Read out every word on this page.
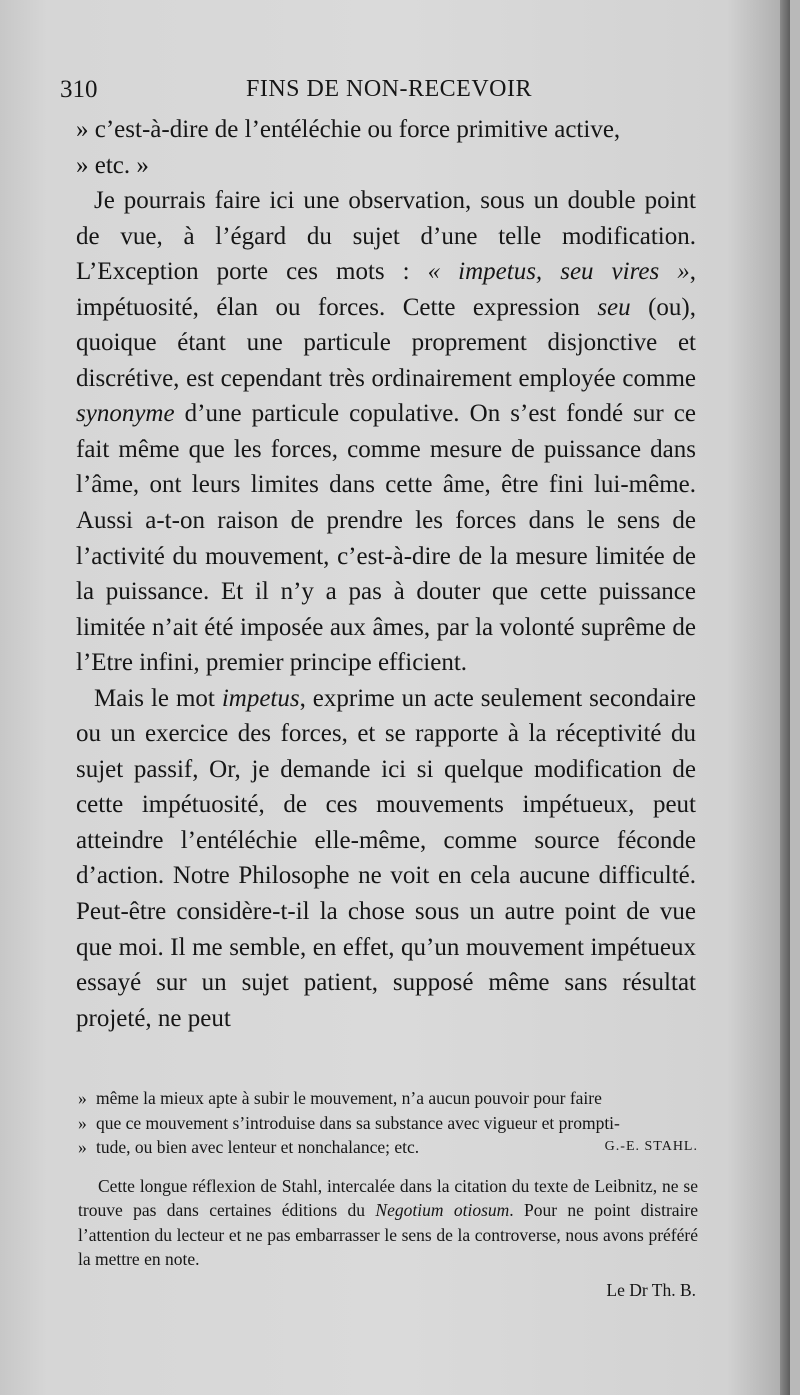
310	FINS DE NON-RECEVOIR

» c’est-à-dire de l’entéléchie ou force primitive active,
» etc. »

Je pourrais faire ici une observation, sous un double point de vue, à l’égard du sujet d’une telle modification. L’Exception porte ces mots : « impetus, seu vires », impétuosité, élan ou forces. Cette expression seu (ou), quoique étant une particule proprement disjonctive et discrétive, est cependant très ordinairement employée comme synonyme d’une particule copulative. On s’est fondé sur ce fait même que les forces, comme mesure de puissance dans l’âme, ont leurs limites dans cette âme, être fini lui-même. Aussi a-t-on raison de prendre les forces dans le sens de l’activité du mouvement, c’est-à-dire de la mesure limitée de la puissance. Et il n’y a pas à douter que cette puissance limitée n’ait été imposée aux âmes, par la volonté suprême de l’Etre infini, premier principe efficient.

Mais le mot impetus, exprime un acte seulement secondaire ou un exercice des forces, et se rapporte à la réceptivité du sujet passif, Or, je demande ici si quelque modification de cette impétuosité, de ces mouvements impétueux, peut atteindre l’entéléchie elle-même, comme source féconde d’action. Notre Philosophe ne voit en cela aucune difficulté. Peut-être considère-t-il la chose sous un autre point de vue que moi. Il me semble, en effet, qu’un mouvement impétueux essayé sur un sujet patient, supposé même sans résultat projeté, ne peut

» même la mieux apte à subir le mouvement, n’a aucun pouvoir pour faire
» que ce mouvement s’introduise dans sa substance avec vigueur et prompti-
» tude, ou bien avec lenteur et nonchalance; etc.	G.-E. STAHL.

Cette longue réflexion de Stahl, intercalée dans la citation du texte de Leibnitz, ne se trouve pas dans certaines éditions du Negotium otiosum. Pour ne point distraire l’attention du lecteur et ne pas embarrasser le sens de la controverse, nous avons préféré la mettre en note.

Le Dr Th. B.
